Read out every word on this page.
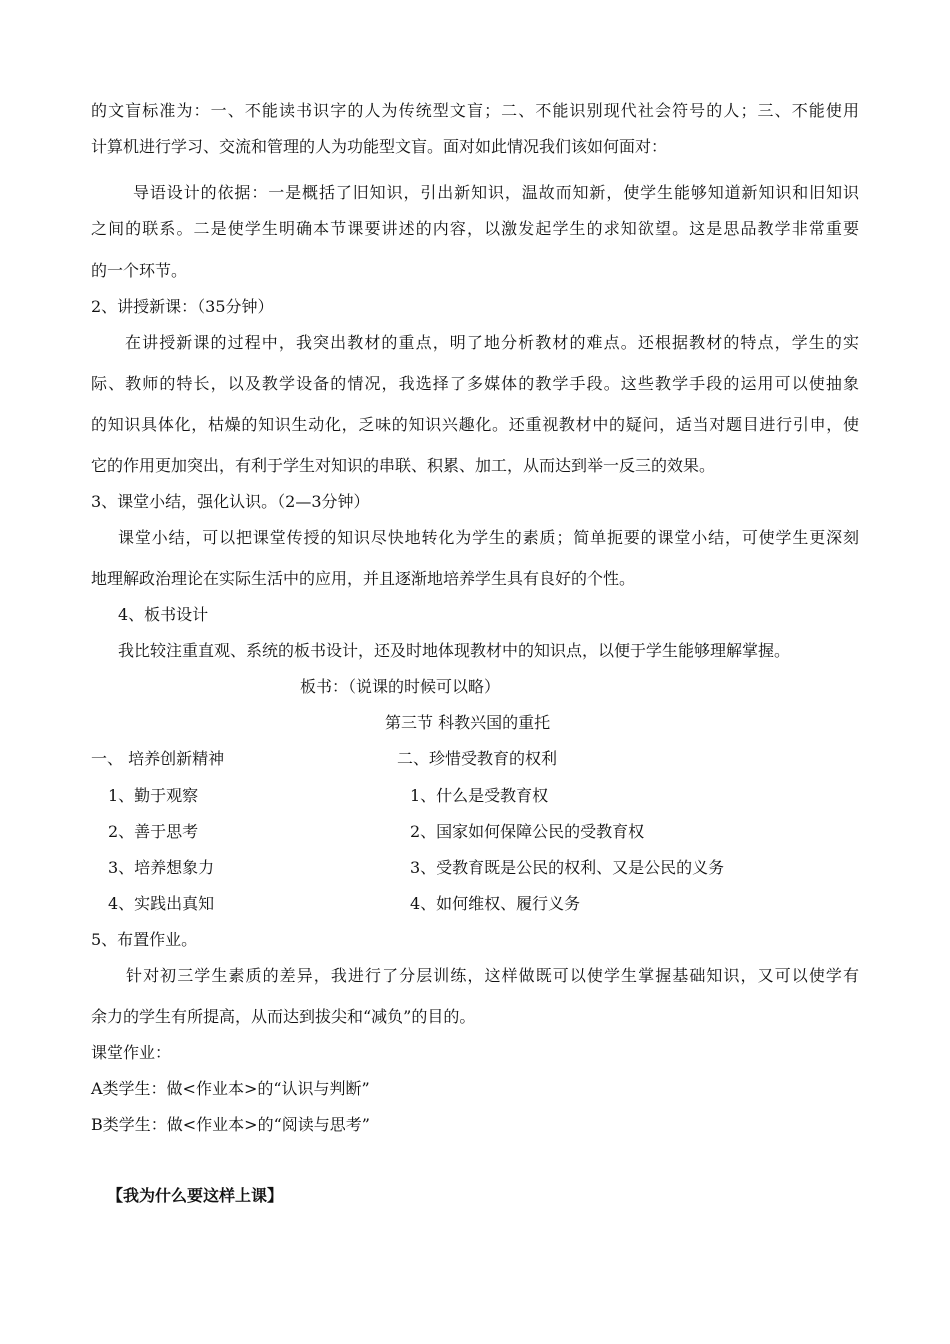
的文盲标准为：一、不能读书识字的人为传统型文盲；二、不能识别现代社会符号的人；三、不能使用
计算机进行学习、交流和管理的人为功能型文盲。面对如此情况我们该如何面对：
导语设计的依据：一是概括了旧知识，引出新知识，温故而知新，使学生能够知道新知识和旧知识
之间的联系。二是使学生明确本节课要讲述的内容，以激发起学生的求知欲望。这是思品教学非常重要
的一个环节。
2、讲授新课：（35分钟）
在讲授新课的过程中，我突出教材的重点，明了地分析教材的难点。还根据教材的特点，学生的实
际、教师的特长，以及教学设备的情况，我选择了多媒体的教学手段。这些教学手段的运用可以使抽象
的知识具体化，枯燥的知识生动化，乏味的知识兴趣化。还重视教材中的疑问，适当对题目进行引申，使
它的作用更加突出，有利于学生对知识的串联、积累、加工，从而达到举一反三的效果。
3、课堂小结，强化认识。（2—3分钟）
课堂小结，可以把课堂传授的知识尽快地转化为学生的素质；简单扼要的课堂小结，可使学生更深刻
地理解政治理论在实际生活中的应用，并且逐渐地培养学生具有良好的个性。
4、板书设计
我比较注重直观、系统的板书设计，还及时地体现教材中的知识点，以便于学生能够理解掌握。
板书：（说课的时候可以略）
第三节 科教兴国的重托
一、 培养创新精神	二、珍惜受教育的权利
1、勤于观察	1、什么是受教育权
2、善于思考	2、国家如何保障公民的受教育权
3、培养想象力	3、受教育既是公民的权利、又是公民的义务
4、实践出真知	4、如何维权、履行义务
5、布置作业。
针对初三学生素质的差异，我进行了分层训练，这样做既可以使学生掌握基础知识，又可以使学有
余力的学生有所提高，从而达到拔尖和“减负”的目的。
课堂作业：
A类学生：做<作业本>的“认识与判断”
B类学生：做<作业本>的“阅读与思考”
【我为什么要这样上课】
